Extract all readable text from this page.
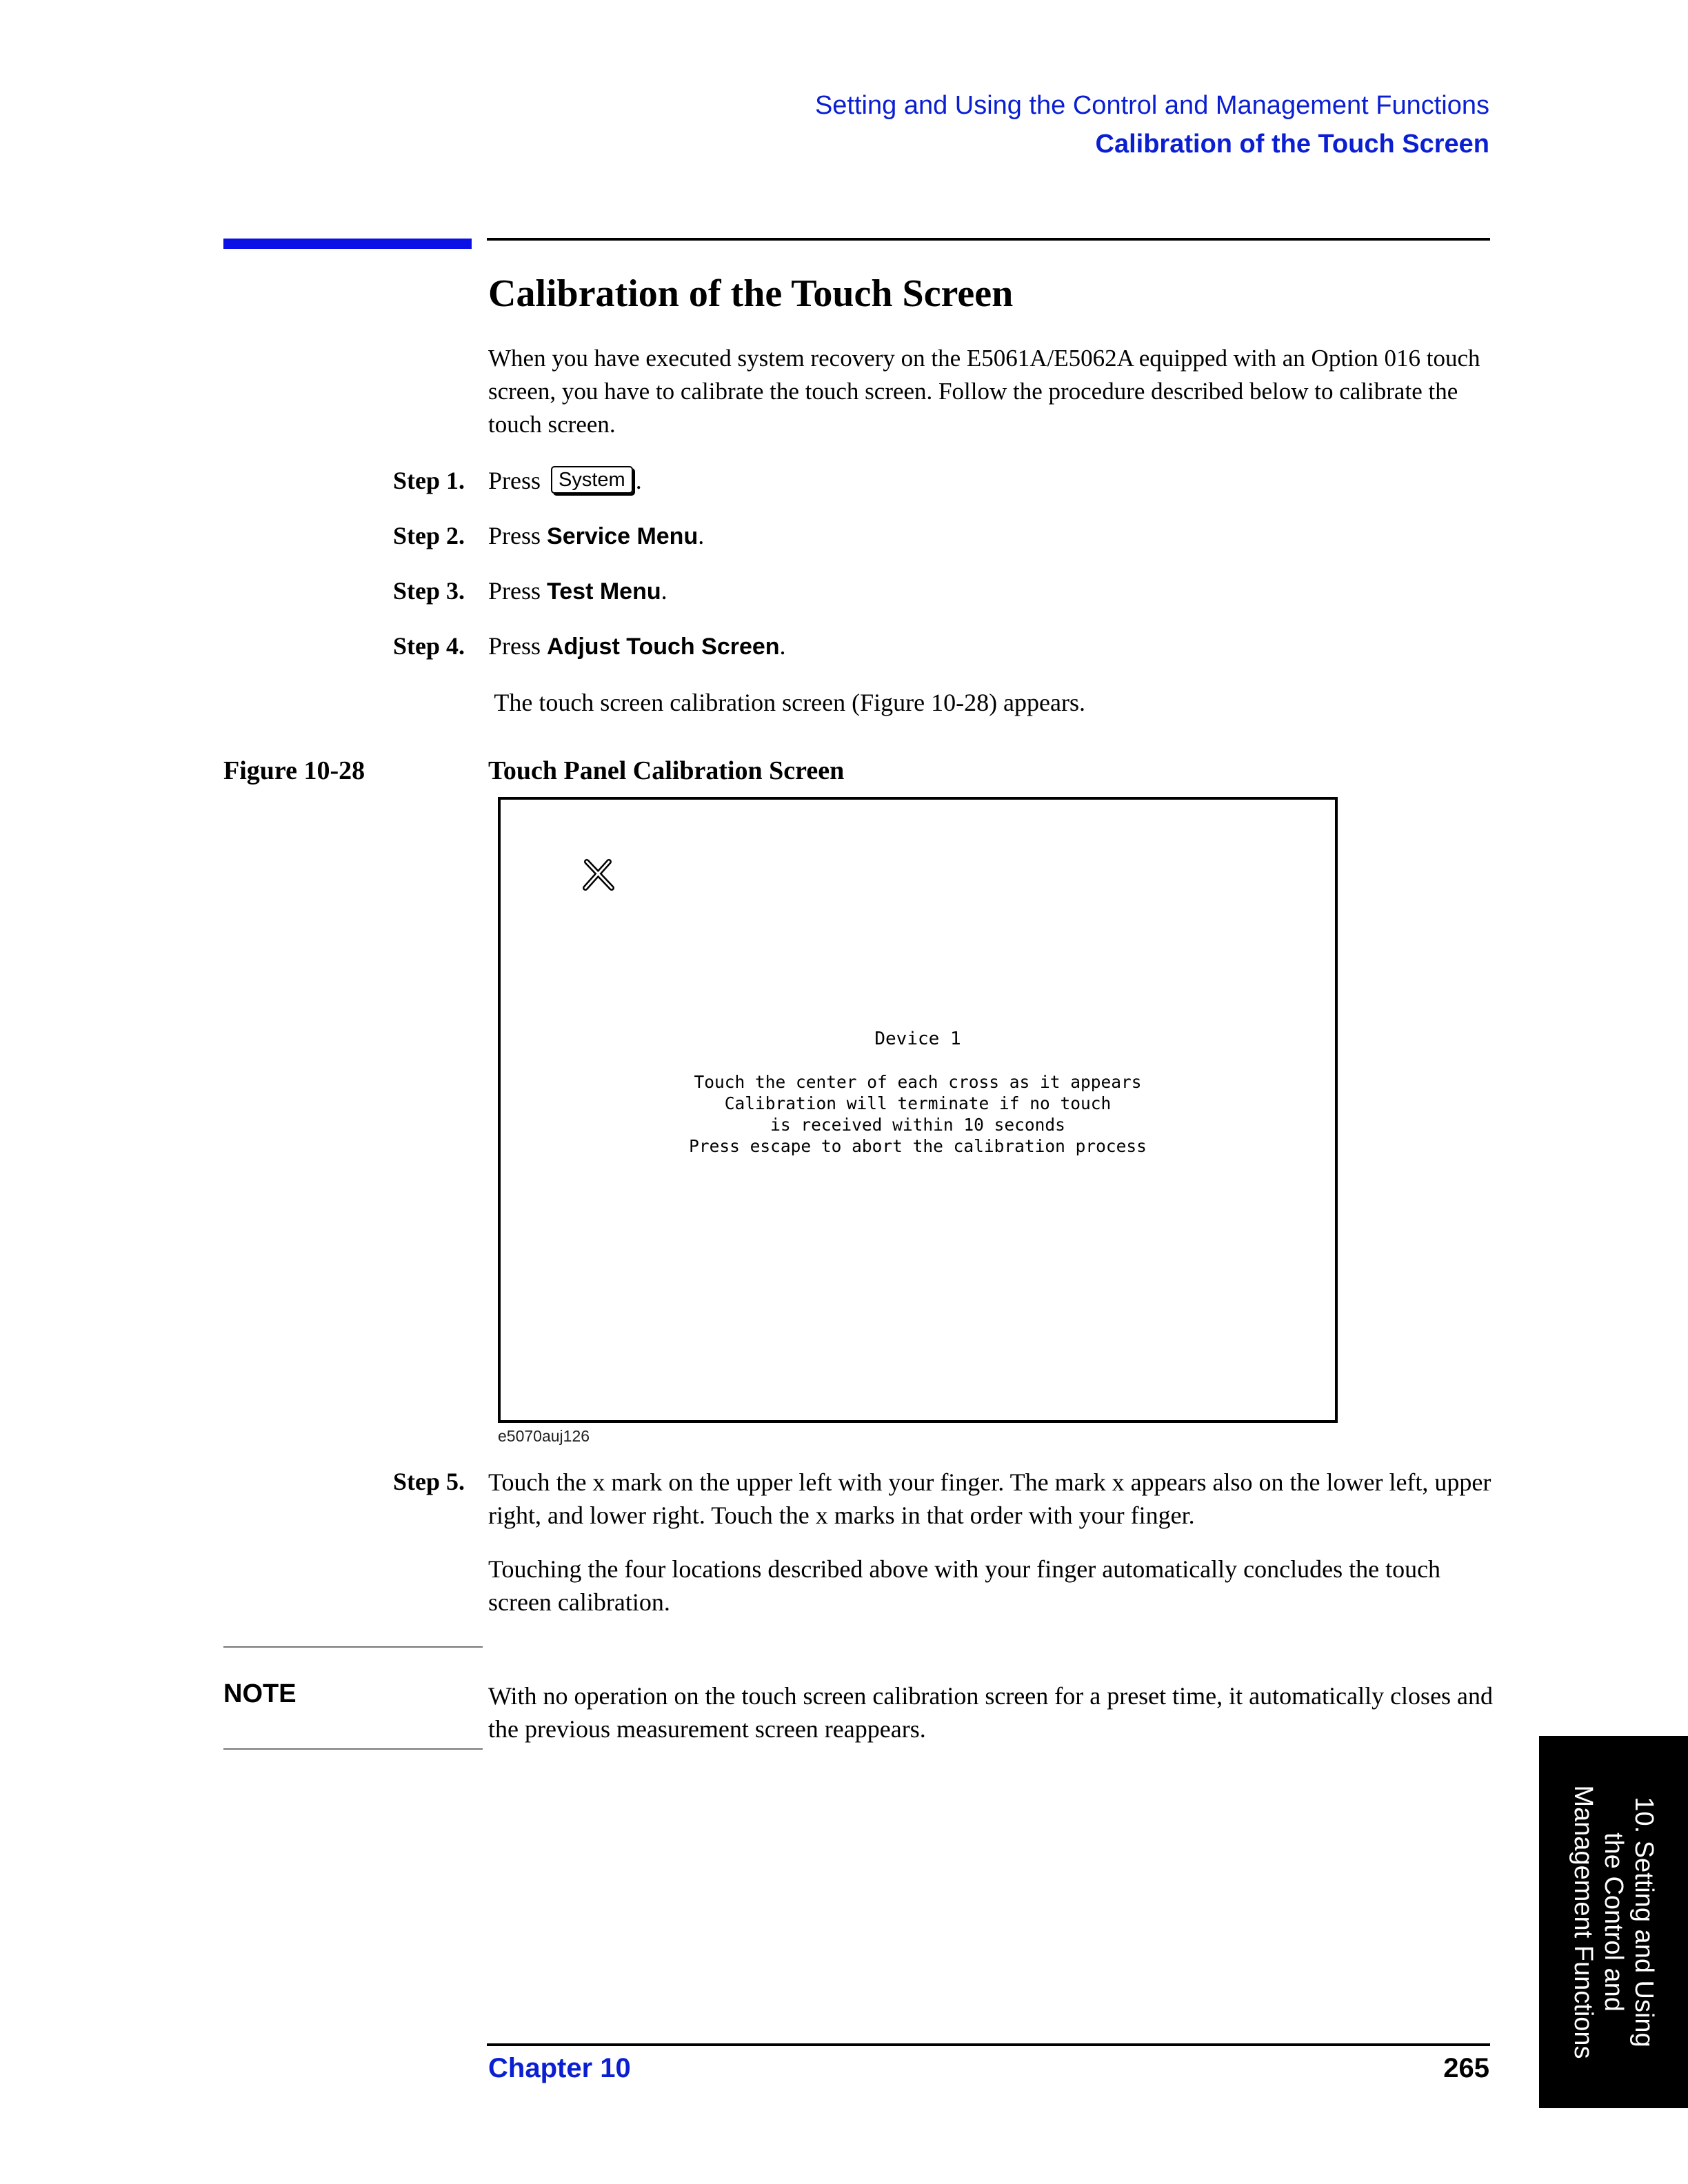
Setting and Using the Control and Management Functions
Calibration of the Touch Screen
Calibration of the Touch Screen

When you have executed system recovery on the E5061A/E5062A equipped with an Option 016 touch screen, you have to calibrate the touch screen. Follow the procedure described below to calibrate the touch screen.

Step 1. Press System .
Step 2. Press Service Menu.
Step 3. Press Test Menu.
Step 4. Press Adjust Touch Screen.
The touch screen calibration screen (Figure 10-28) appears.
Figure 10-28	Touch Panel Calibration Screen
Device 1
Touch the center of each cross as it appears
Calibration will terminate if no touch
is received within 10 seconds
Press escape to abort the calibration process
e5070auj126
Step 5. Touch the x mark on the upper left with your finger. The mark x appears also on the lower left, upper right, and lower right. Touch the x marks in that order with your finger.

Touching the four locations described above with your finger automatically concludes the touch screen calibration.

NOTE	With no operation on the touch screen calibration screen for a preset time, it automatically closes and the previous measurement screen reappears.

Chapter 10	265
10. Setting and Using
the Control and
Management Functions
